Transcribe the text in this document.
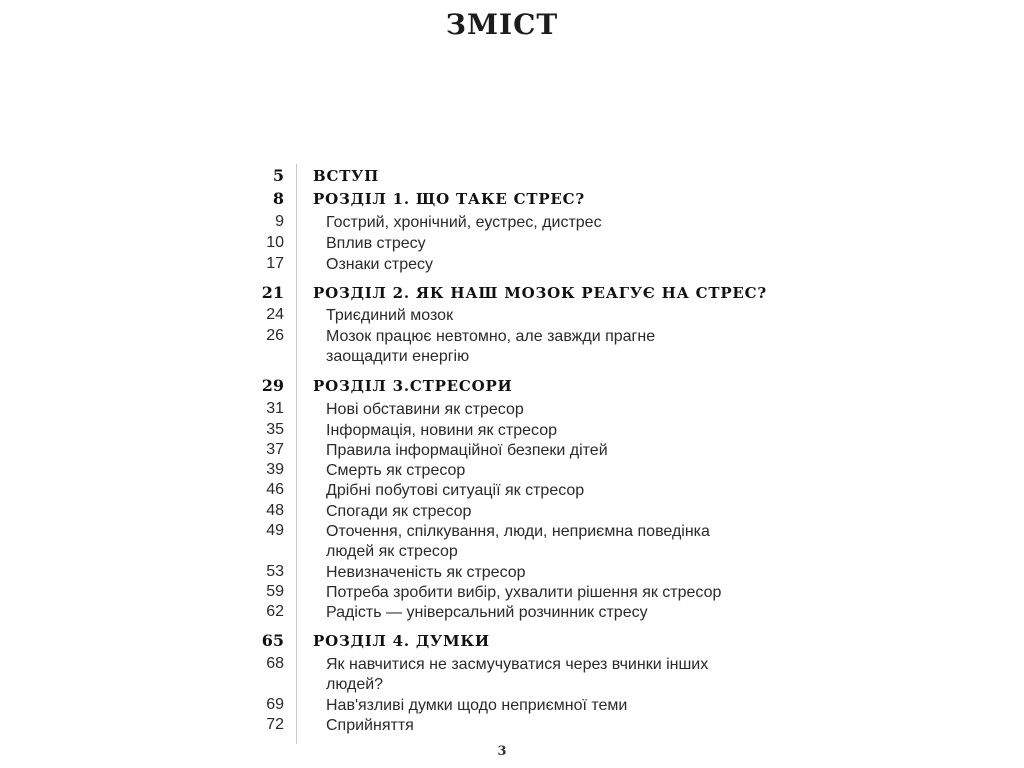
ЗМІСТ
5 ВСТУП
8 РОЗДІЛ 1. ЩО ТАКЕ СТРЕС?
9	Гострий, хронічний, еустрес, дистрес
10	Вплив стресу
17	Ознаки стресу
21 РОЗДІЛ 2. ЯК НАШ МОЗОК РЕАГУЄ НА СТРЕС?
24	Триєдиний мозок
26	Мозок працює невтомно, але завжди прагне заощадити енергію
29 РОЗДІЛ 3.СТРЕСОРИ
31	Нові обставини як стресор
35	Інформація, новини як стресор
37	Правила інформаційної безпеки дітей
39	Смерть як стресор
46	Дрібні побутові ситуації як стресор
48	Спогади як стресор
49	Оточення, спілкування, люди, неприємна поведінка людей як стресор
53	Невизначеність як стресор
59	Потреба зробити вибір, ухвалити рішення як стресор
62	Радість — універсальний розчинник стресу
65 РОЗДІЛ 4. ДУМКИ
68	Як навчитися не засмучуватися через вчинки інших людей?
69	Нав'язливі думки щодо неприємної теми
72	Сприйняття
3
